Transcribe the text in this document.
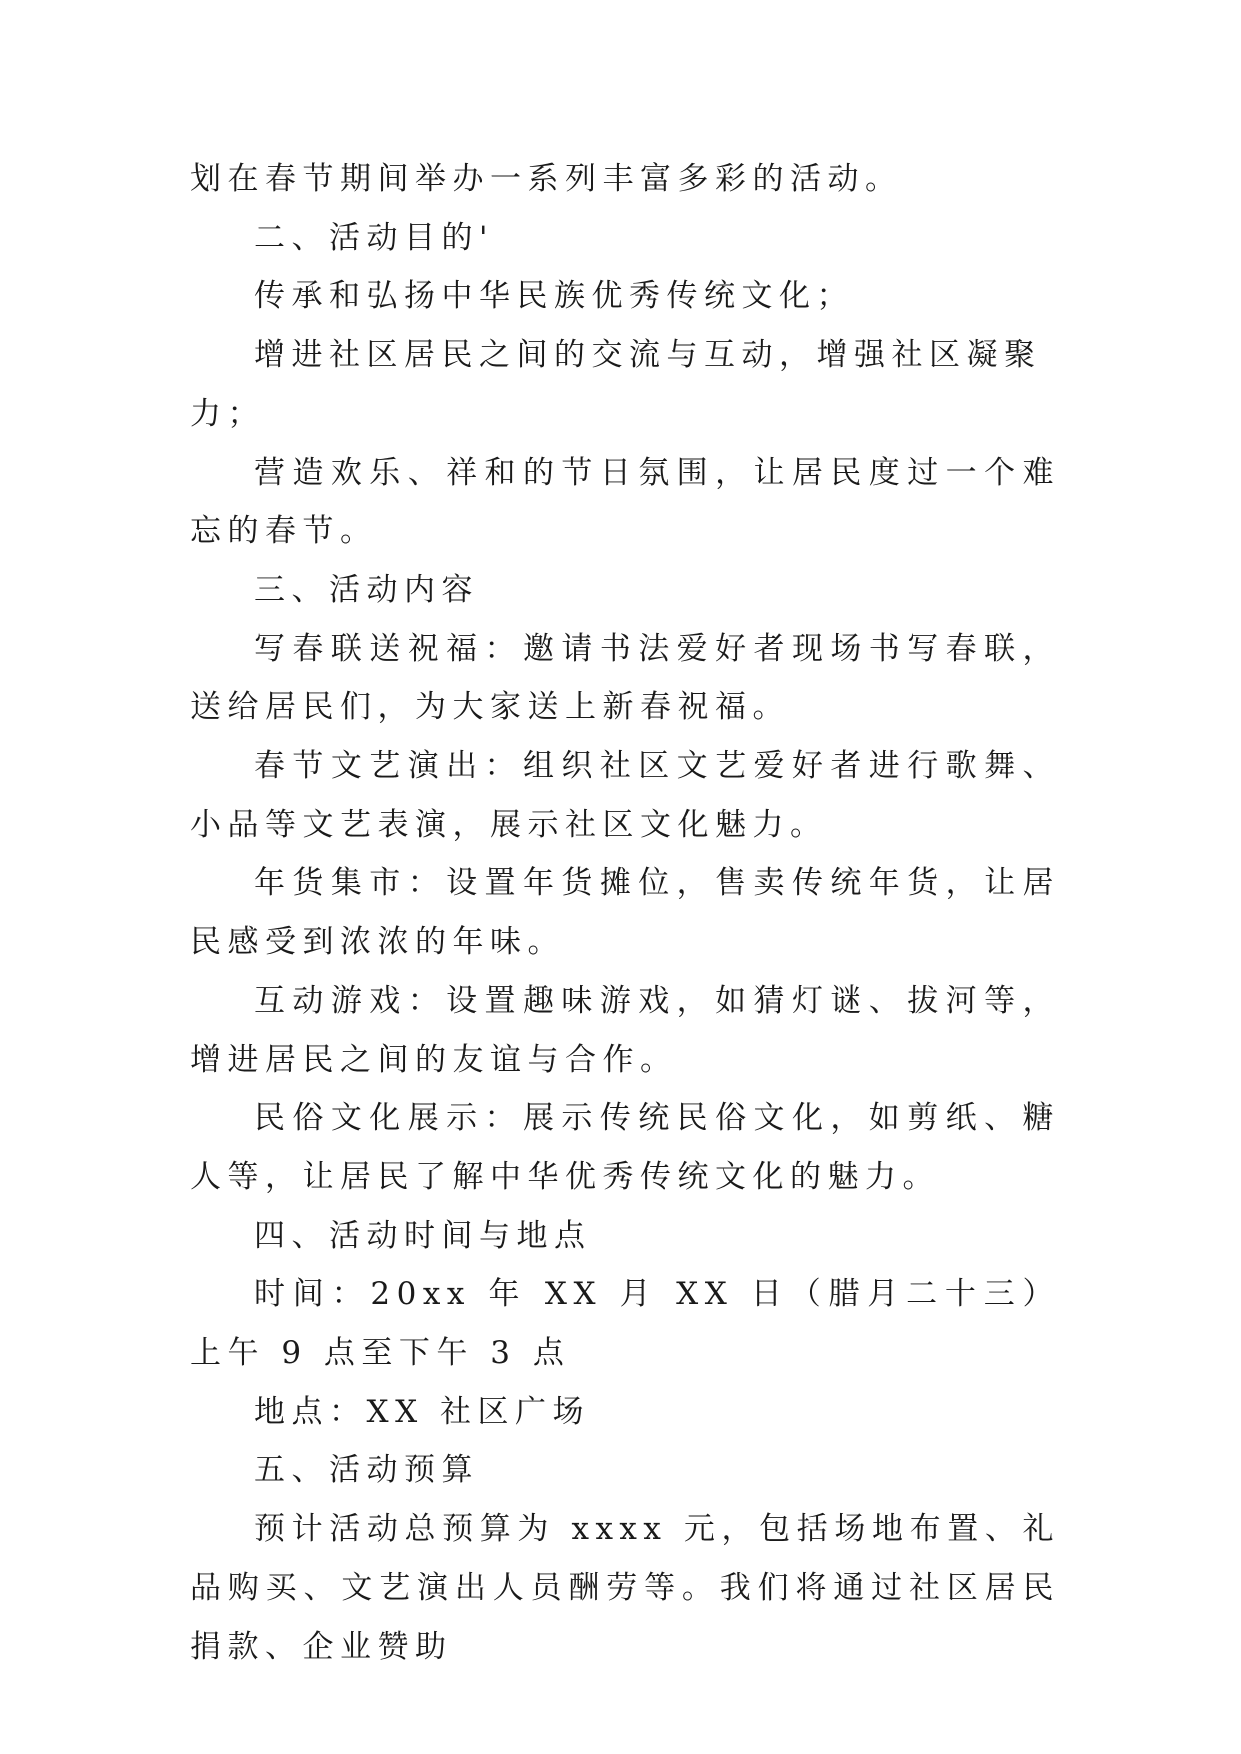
划在春节期间举办一系列丰富多彩的活动。

二、活动目的'

传承和弘扬中华民族优秀传统文化；

增进社区居民之间的交流与互动，增强社区凝聚力；

营造欢乐、祥和的节日氛围，让居民度过一个难忘的春节。

三、活动内容

写春联送祝福：邀请书法爱好者现场书写春联，送给居民们，为大家送上新春祝福。

春节文艺演出：组织社区文艺爱好者进行歌舞、小品等文艺表演，展示社区文化魅力。

年货集市：设置年货摊位，售卖传统年货，让居民感受到浓浓的年味。

互动游戏：设置趣味游戏，如猜灯谜、拔河等，增进居民之间的友谊与合作。

民俗文化展示：展示传统民俗文化，如剪纸、糖人等，让居民了解中华优秀传统文化的魅力。

四、活动时间与地点

时间：20xx 年 XX 月 XX 日（腊月二十三）上午 9 点至下午 3 点

地点：XX 社区广场

五、活动预算

预计活动总预算为 xxxx 元，包括场地布置、礼品购买、文艺演出人员酬劳等。我们将通过社区居民捐款、企业赞助
